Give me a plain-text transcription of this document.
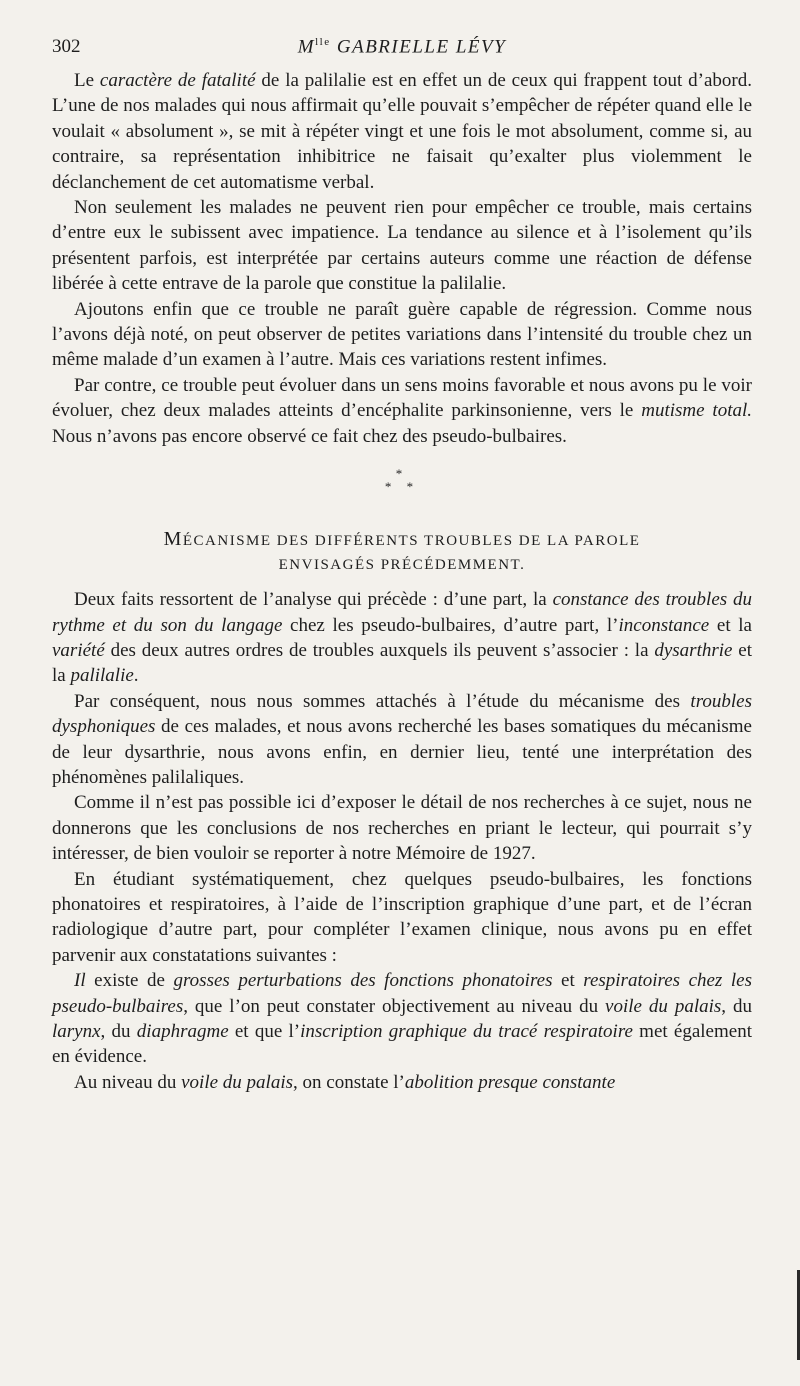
302	$M^{lle}$ GABRIELLE LÉVY

Le caractère de fatalité de la palilalie est en effet un de ceux qui frappent tout d’abord. L’une de nos malades qui nous affirmait qu’elle pouvait s’empêcher de répéter quand elle le voulait « absolument », se mit à répéter vingt et une fois le mot absolument, comme si, au contraire, sa représentation inhibitrice ne faisait qu’exalter plus violemment le déclanchement de cet automatisme verbal.

Non seulement les malades ne peuvent rien pour empêcher ce trouble, mais certains d’entre eux le subissent avec impatience. La tendance au silence et à l’isolement qu’ils présentent parfois, est interprétée par certains auteurs comme une réaction de défense libérée à cette entrave de la parole que constitue la palilalie.

Ajoutons enfin que ce trouble ne paraît guère capable de régression. Comme nous l’avons déjà noté, on peut observer de petites variations dans l’intensité du trouble chez un même malade d’un examen à l’autre. Mais ces variations restent infimes.

Par contre, ce trouble peut évoluer dans un sens moins favorable et nous avons pu le voir évoluer, chez deux malades atteints d’encéphalite parkinsonienne, vers le mutisme total. Nous n’avons pas encore observé ce fait chez des pseudo-bulbaires.

*
* *
MÉCANISME DES DIFFÉRENTS TROUBLES DE LA PAROLE
ENVISAGÉS PRÉCÉDEMMENT.

Deux faits ressortent de l’analyse qui précède : d’une part, la constance des troubles du rythme et du son du langage chez les pseudo-bulbaires, d’autre part, l’inconstance et la variété des deux autres ordres de troubles auxquels ils peuvent s’associer : la dysarthrie et la palilalie.

Par conséquent, nous nous sommes attachés à l’étude du mécanisme des troubles dysphoniques de ces malades, et nous avons recherché les bases somatiques du mécanisme de leur dysarthrie, nous avons enfin, en dernier lieu, tenté une interprétation des phénomènes palilaliques.

Comme il n’est pas possible ici d’exposer le détail de nos recherches à ce sujet, nous ne donnerons que les conclusions de nos recherches en priant le lecteur, qui pourrait s’y intéresser, de bien vouloir se reporter à notre Mémoire de 1927.

En étudiant systématiquement, chez quelques pseudo-bulbaires, les fonctions phonatoires et respiratoires, à l’aide de l’inscription graphique d’une part, et de l’écran radiologique d’autre part, pour compléter l’examen clinique, nous avons pu en effet parvenir aux constatations suivantes :

Il existe de grosses perturbations des fonctions phonatoires et respiratoires chez les pseudo-bulbaires, que l’on peut constater objectivement au niveau du voile du palais, du larynx, du diaphragme et que l’inscription graphique du tracé respiratoire met également en évidence.

Au niveau du voile du palais, on constate l’abolition presque constante
